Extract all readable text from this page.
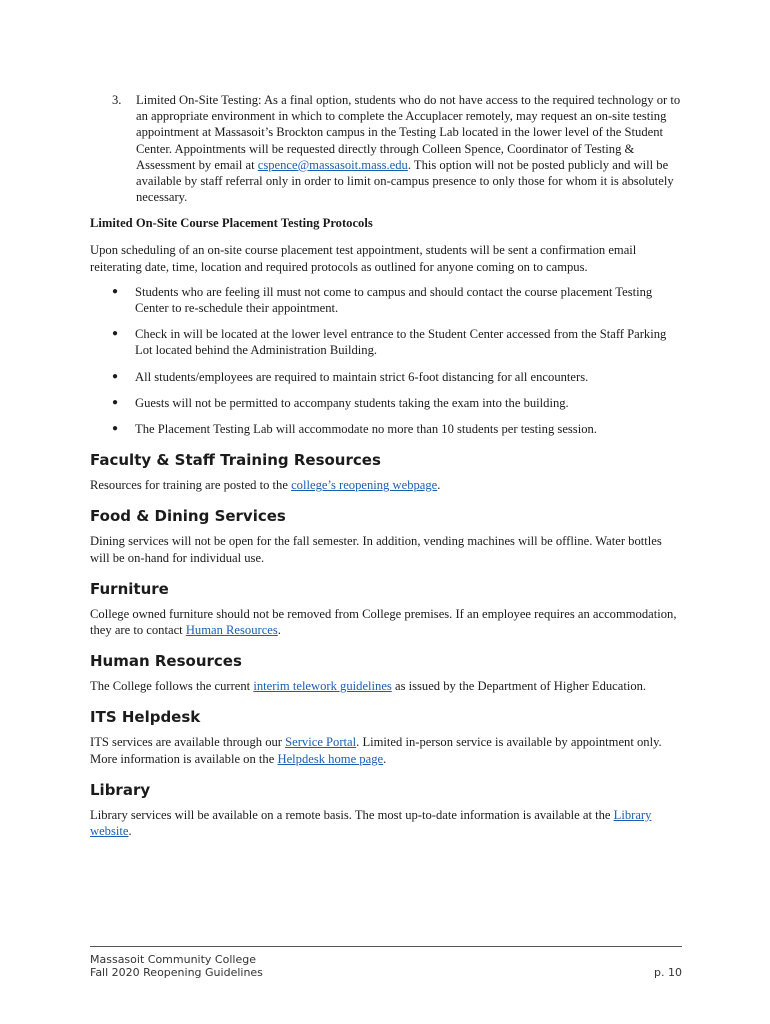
3.	Limited On-Site Testing: As a final option, students who do not have access to the required technology or to an appropriate environment in which to complete the Accuplacer remotely, may request an on-site testing appointment at Massasoit’s Brockton campus in the Testing Lab located in the lower level of the Student Center. Appointments will be requested directly through Colleen Spence, Coordinator of Testing & Assessment by email at cspence@massasoit.mass.edu. This option will not be posted publicly and will be available by staff referral only in order to limit on-campus presence to only those for whom it is absolutely necessary.
Limited On-Site Course Placement Testing Protocols

Upon scheduling of an on-site course placement test appointment, students will be sent a confirmation email reiterating date, time, location and required protocols as outlined for anyone coming on to campus.

●	Students who are feeling ill must not come to campus and should contact the course placement Testing Center to re-schedule their appointment.
●	Check in will be located at the lower level entrance to the Student Center accessed from the Staff Parking Lot located behind the Administration Building.
●	All students/employees are required to maintain strict 6-foot distancing for all encounters.
●	Guests will not be permitted to accompany students taking the exam into the building.
●	The Placement Testing Lab will accommodate no more than 10 students per testing session.
Faculty & Staff Training Resources

Resources for training are posted to the college’s reopening webpage.

Food & Dining Services

Dining services will not be open for the fall semester. In addition, vending machines will be offline. Water bottles will be on-hand for individual use.

Furniture

College owned furniture should not be removed from College premises. If an employee requires an accommodation, they are to contact Human Resources.

Human Resources

The College follows the current interim telework guidelines as issued by the Department of Higher Education.

ITS Helpdesk

ITS services are available through our Service Portal. Limited in-person service is available by appointment only. More information is available on the Helpdesk home page.

Library

Library services will be available on a remote basis. The most up-to-date information is available at the Library website.

Massasoit Community College
Fall 2020 Reopening Guidelines	p. 10
